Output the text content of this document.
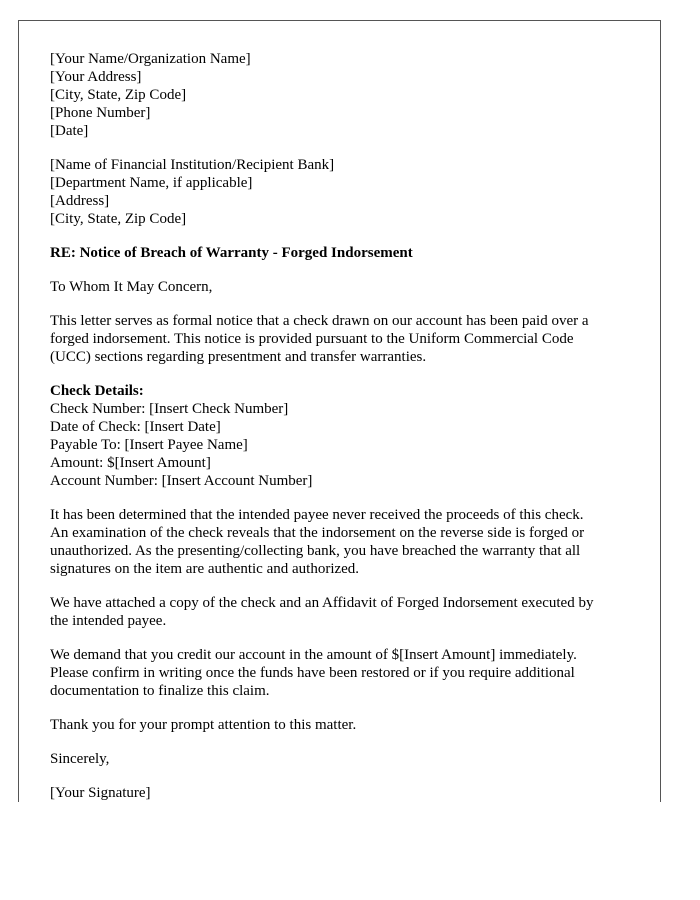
[Your Name/Organization Name]
[Your Address]
[City, State, Zip Code]
[Phone Number]
[Date]
[Name of Financial Institution/Recipient Bank]
[Department Name, if applicable]
[Address]
[City, State, Zip Code]
RE: Notice of Breach of Warranty - Forged Indorsement
To Whom It May Concern,
This letter serves as formal notice that a check drawn on our account has been paid over a
forged indorsement. This notice is provided pursuant to the Uniform Commercial Code
(UCC) sections regarding presentment and transfer warranties.
Check Details:
Check Number: [Insert Check Number]
Date of Check: [Insert Date]
Payable To: [Insert Payee Name]
Amount: $[Insert Amount]
Account Number: [Insert Account Number]
It has been determined that the intended payee never received the proceeds of this check.
An examination of the check reveals that the indorsement on the reverse side is forged or
unauthorized. As the presenting/collecting bank, you have breached the warranty that all
signatures on the item are authentic and authorized.
We have attached a copy of the check and an Affidavit of Forged Indorsement executed by
the intended payee.
We demand that you credit our account in the amount of $[Insert Amount] immediately.
Please confirm in writing once the funds have been restored or if you require additional
documentation to finalize this claim.
Thank you for your prompt attention to this matter.
Sincerely,
[Your Signature]
